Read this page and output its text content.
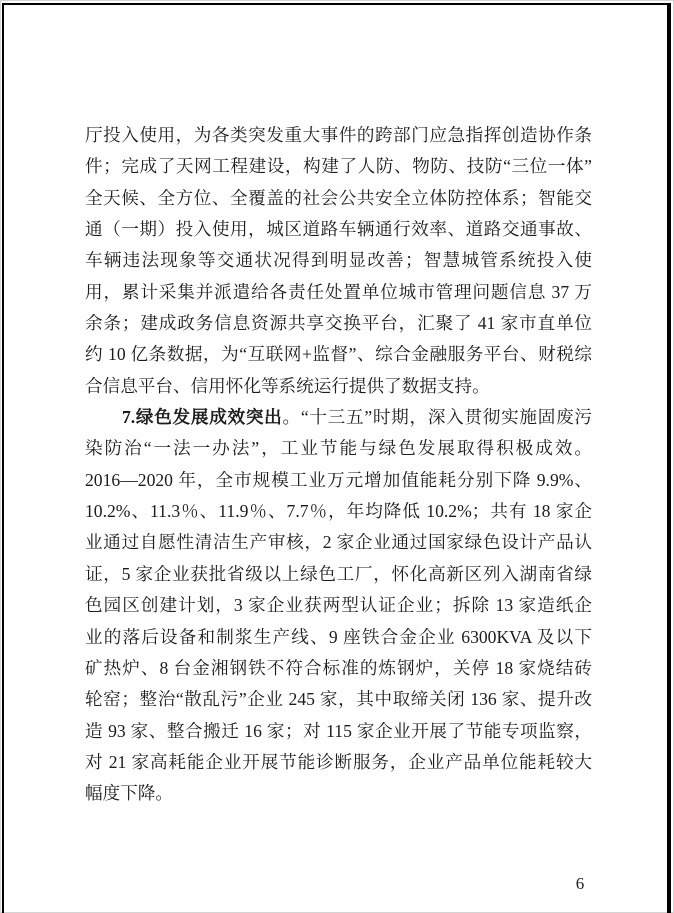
厅投入使用，为各类突发重大事件的跨部门应急指挥创造协作条
件；完成了天网工程建设，构建了人防、物防、技防“三位一体”
全天候、全方位、全覆盖的社会公共安全立体防控体系；智能交
通（一期）投入使用，城区道路车辆通行效率、道路交通事故、
车辆违法现象等交通状况得到明显改善；智慧城管系统投入使
用，累计采集并派遣给各责任处置单位城市管理问题信息 37 万
余条；建成政务信息资源共享交换平台，汇聚了 41 家市直单位
约 10 亿条数据，为“互联网+监督”、综合金融服务平台、财税综
合信息平台、信用怀化等系统运行提供了数据支持。
7.绿色发展成效突出。“十三五”时期，深入贯彻实施固废污
染防治“一法一办法”，工业节能与绿色发展取得积极成效。
2016—2020 年，全市规模工业万元增加值能耗分别下降 9.9%、
10.2%、11.3％、11.9％、7.7％，年均降低 10.2%；共有 18 家企
业通过自愿性清洁生产审核，2 家企业通过国家绿色设计产品认
证，5 家企业获批省级以上绿色工厂，怀化高新区列入湖南省绿
色园区创建计划，3 家企业获两型认证企业；拆除 13 家造纸企
业的落后设备和制浆生产线、9 座铁合金企业 6300KVA 及以下
矿热炉、8 台金湘钢铁不符合标准的炼钢炉，关停 18 家烧结砖
轮窑；整治“散乱污”企业 245 家，其中取缔关闭 136 家、提升改
造 93 家、整合搬迁 16 家；对 115 家企业开展了节能专项监察，
对 21 家高耗能企业开展节能诊断服务，企业产品单位能耗较大
幅度下降。
6
